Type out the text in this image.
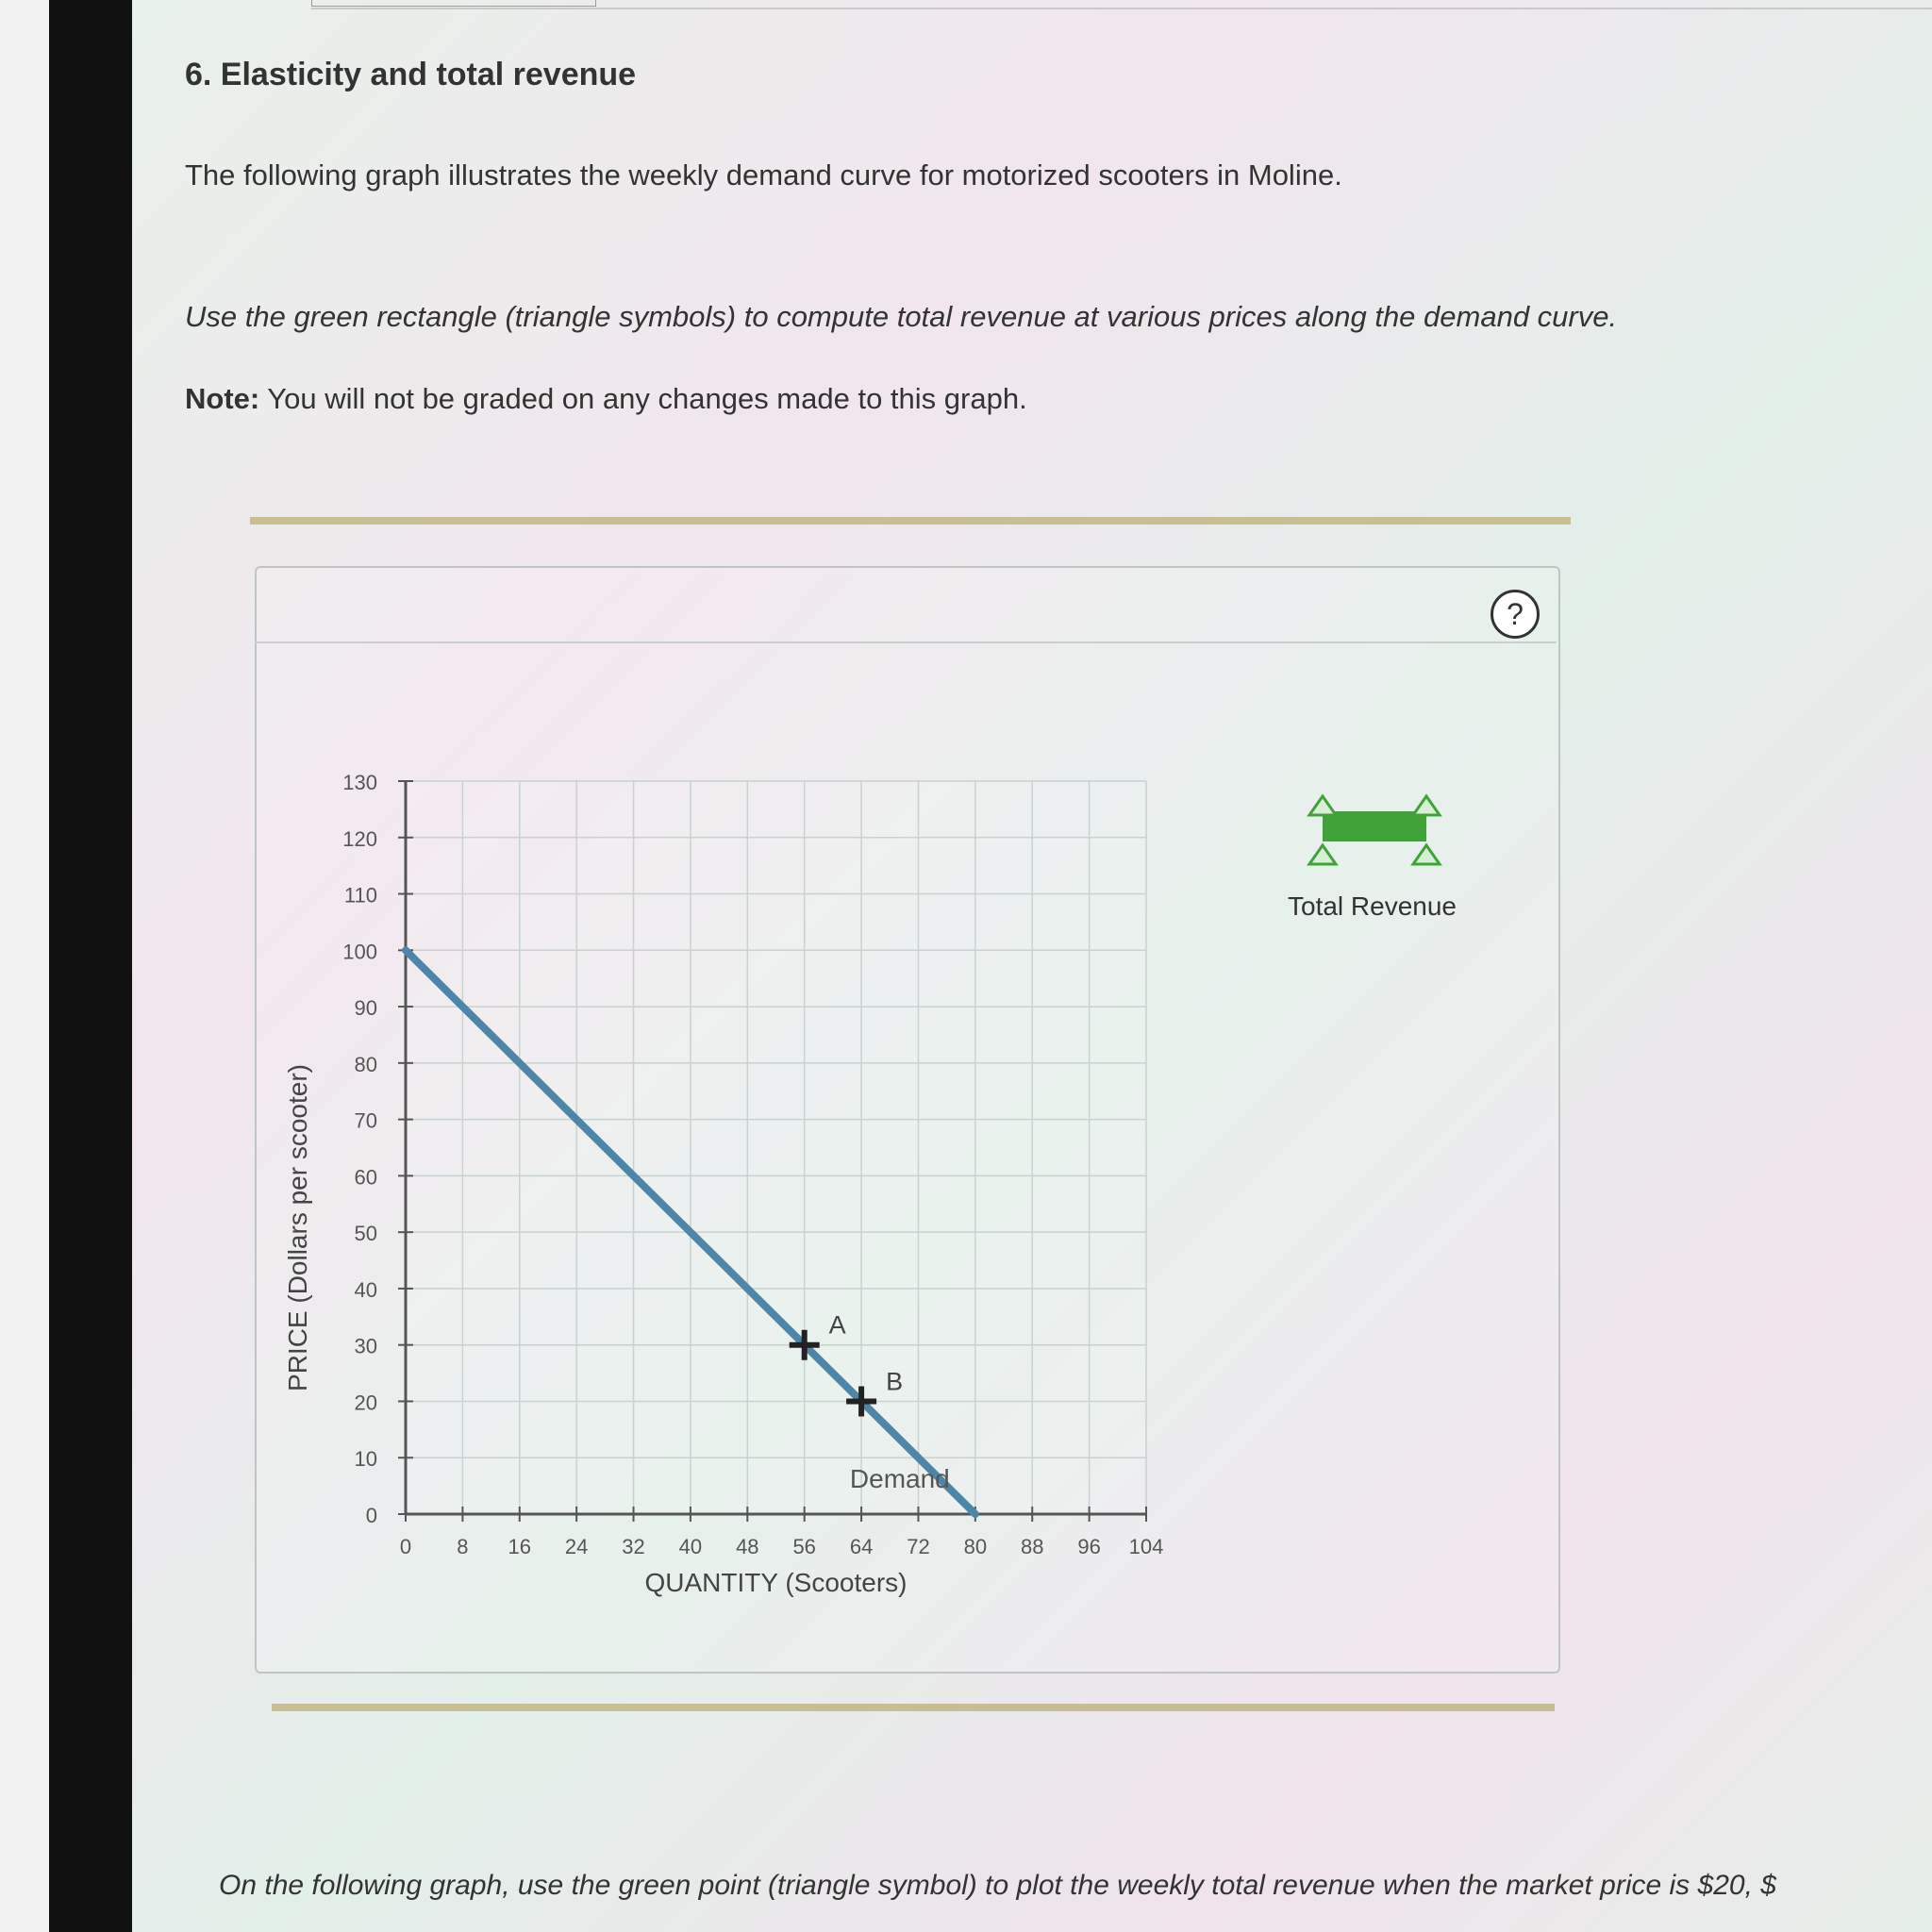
6. Elasticity and total revenue
The following graph illustrates the weekly demand curve for motorized scooters in Moline.
Use the green rectangle (triangle symbols) to compute total revenue at various prices along the demand curve.
Note: You will not be graded on any changes made to this graph.
?
0
10
20
30
40
50
60
70
80
90
100
110
120
130
0 8 16 24 32 40 48 56 64 72 80 88 96 104
QUANTITY (Scooters)
PRICE (Dollars per scooter)
Demand
A
B
Total Revenue
On the following graph, use the green point (triangle symbol) to plot the weekly total revenue when the market price is $20, $
